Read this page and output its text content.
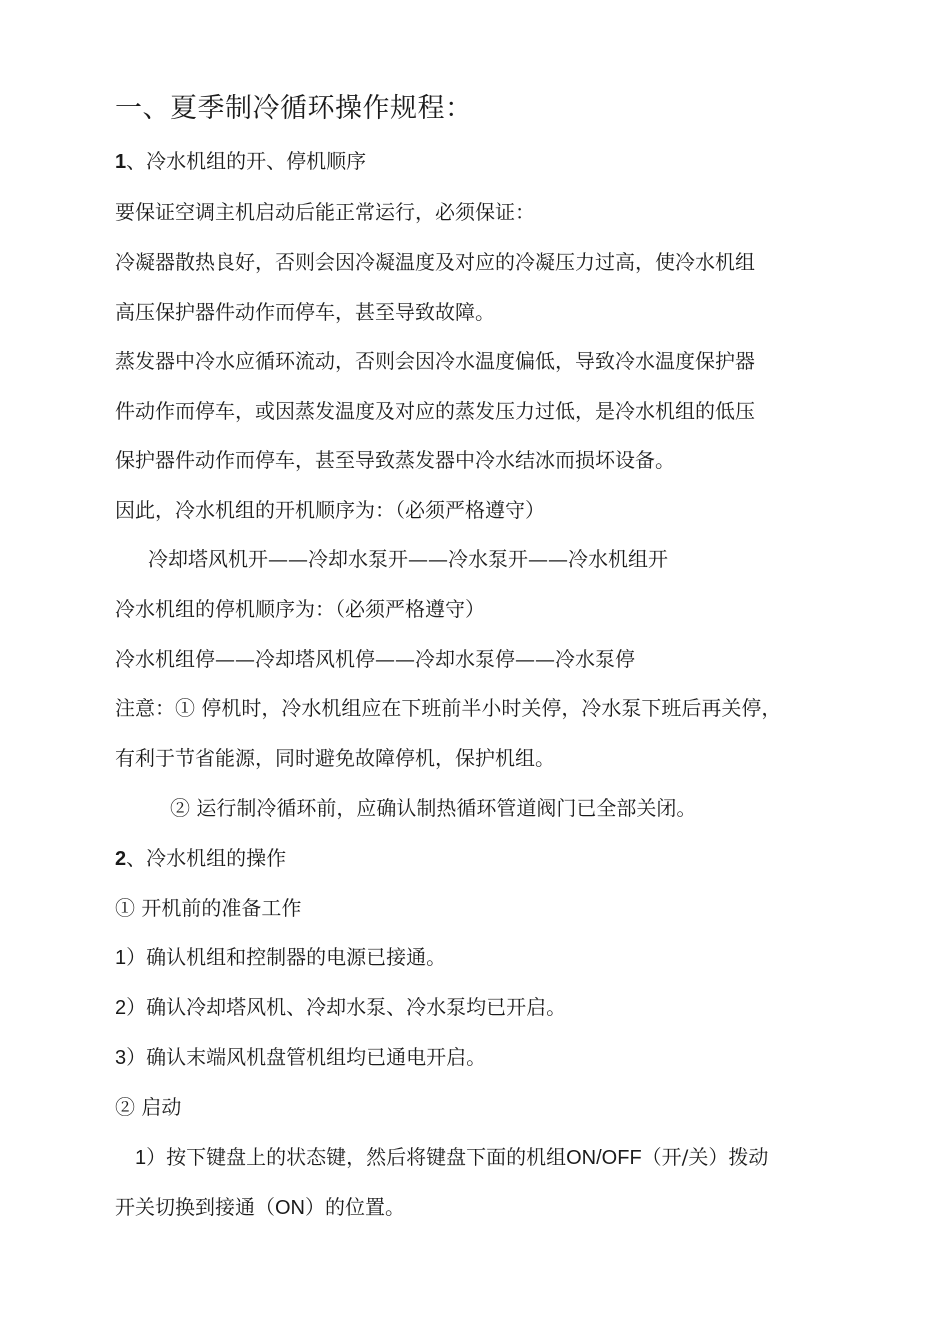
一、夏季制冷循环操作规程：
1、冷水机组的开、停机顺序
要保证空调主机启动后能正常运行，必须保证：
冷凝器散热良好，否则会因冷凝温度及对应的冷凝压力过高，使冷水机组
高压保护器件动作而停车，甚至导致故障。
蒸发器中冷水应循环流动，否则会因冷水温度偏低，导致冷水温度保护器
件动作而停车，或因蒸发温度及对应的蒸发压力过低，是冷水机组的低压
保护器件动作而停车，甚至导致蒸发器中冷水结冰而损坏设备。
因此，冷水机组的开机顺序为：（必须严格遵守）
冷却塔风机开——冷却水泵开——冷水泵开——冷水机组开
冷水机组的停机顺序为：（必须严格遵守）
冷水机组停——冷却塔风机停——冷却水泵停——冷水泵停
注意：① 停机时，冷水机组应在下班前半小时关停，冷水泵下班后再关停，
有利于节省能源，同时避免故障停机，保护机组。
② 运行制冷循环前，应确认制热循环管道阀门已全部关闭。
2、冷水机组的操作
① 开机前的准备工作
1）确认机组和控制器的电源已接通。
2）确认冷却塔风机、冷却水泵、冷水泵均已开启。
3）确认末端风机盘管机组均已通电开启。
② 启动
1）按下键盘上的状态键，然后将键盘下面的机组ON/OFF（开/关）拨动
开关切换到接通（ON）的位置。
